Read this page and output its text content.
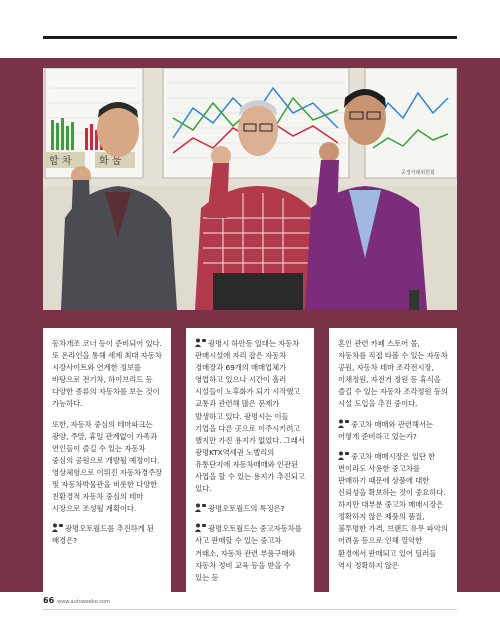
합 차	화 물
공정거래위원회

동차개조 코너 등이 준비되어 있다. 또 온라인을 통해 세계 최대 자동차 시장사이트와 연계한 정보를 바탕으로 전기차, 하이브리드 등 다양한 종류의 자동차를 보는 것이 가능하다.

또한, 자동차 중심의 테마파크는 광양, 주말, 휴일 관계없이 가족과 연인들이 즐길 수 있는 자동차 중심의 공원으로 개발될 예정이다. 영상체험으로 이뤄진 자동차경주장 및 자동차박물관을 비롯한 다양한 친환경적 자동차 중심의 테마 시장으로 조성될 계획이다.

광명오토월드를 추진하게 된 배경은?

광명시 하안동 일대는 자동차 판매시설에 자리 잡은 자동차 경매장과 69개의 매매업체가 영업하고 있으나 시간이 흘러 시설들이 노후화가 되기 시작했고 교통과 관련해 많은 문제가 발생하고 있다. 광명시는 이들 기업을 다른 곳으로 이주시키려고 했지만 가진 용지가 없었다. 그래서 광명KTX역세권 노벨리의 유통단지에 자동차매매와 인관된 사업을 할 수 있는 용지가 추진되고 있다.

광명오토월드의 특징은?

광명오토월드는 중고자동차를 사고 판매할 수 있는 중고차 거래소, 자동차 관련 부품구매와 자동차 정비 교육 등을 받을 수 있는 등

혼인 관련 카페 스토어 몰, 자동차를 직접 타볼 수 있는 자동차 공원, 자동차 테마 조각전시장, 이채정원, 자전거 정원 등 휴식을 즐길 수 있는 자동차 조각정원 등의 시설 도입을 추진 중이다.

중고차 매매와 관련해서는 어떻게 준비하고 있는가?

중고차 매매시장은 일단 한 번이라도 사용한 중고차를 판매하기 때문에 상품에 대한 신뢰성을 확보하는 것이 중요하다. 하지만 대부분 중고차 매매시장은 정확하지 않은 제품의 품질, 불투명한 가격, 브랜드 유무 파악의 어려움 등으로 인해 열악한 환경에서 판매되고 있어 딜러들 역시 정확하지 않은

66 www.autoweeko.com
